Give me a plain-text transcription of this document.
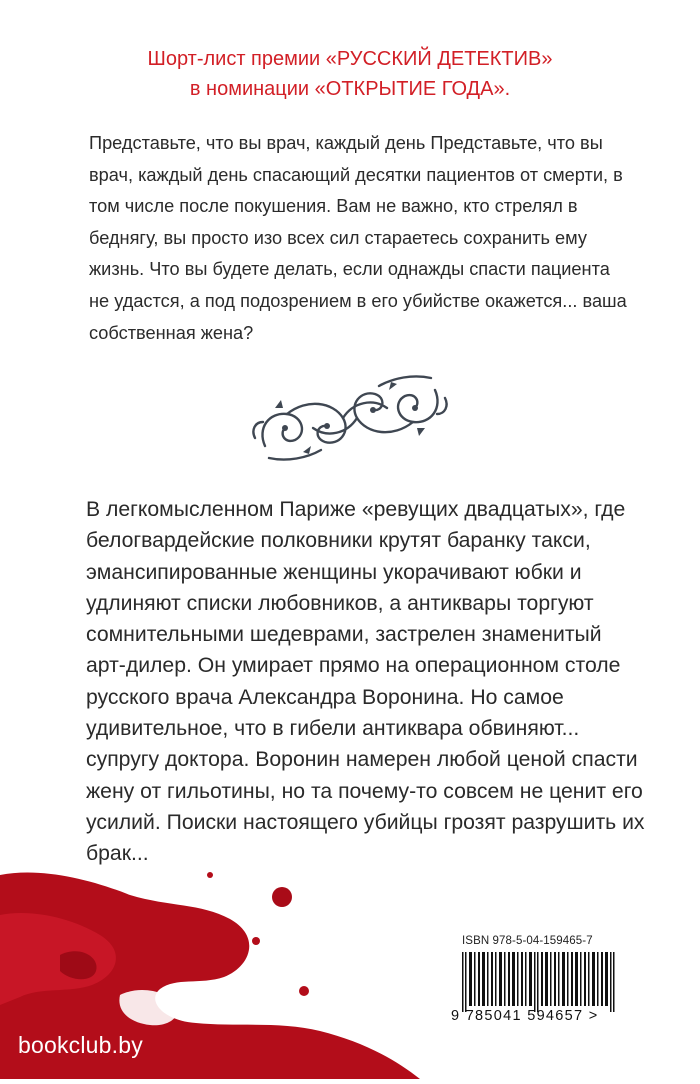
Шорт-лист премии «РУССКИЙ ДЕТЕКТИВ»
в номинации «ОТКРЫТИЕ ГОДА».

Представьте, что вы врач, каждый день Представьте, что вы врач, каждый день спасающий десятки пациентов от смерти, в том числе после покушения. Вам не важно, кто стрелял в беднягу, вы просто изо всех сил стараетесь сохранить ему жизнь. Что вы будете делать, если однажды спасти пациента не удастся, а под подозрением в его убийстве окажется... ваша собственная жена?

В легкомысленном Париже «ревущих двадцатых», где белогвардейские полковники крутят баранку такси, эмансипированные женщины укорачивают юбки и удлиняют списки любовников, а антиквары торгуют сомнительными шедеврами, застрелен знаменитый арт-дилер. Он умирает прямо на операционном столе русского врача Александра Воронина. Но самое удивительное, что в гибели антиквара обвиняют... супругу доктора. Воронин намерен любой ценой спасти жену от гильотины, но та почему-то совсем не ценит его усилий. Поиски настоящего убийцы грозят разрушить их брак...

bookclub.by
ISBN 978-5-04-159465-7
9 785041 594657 >
